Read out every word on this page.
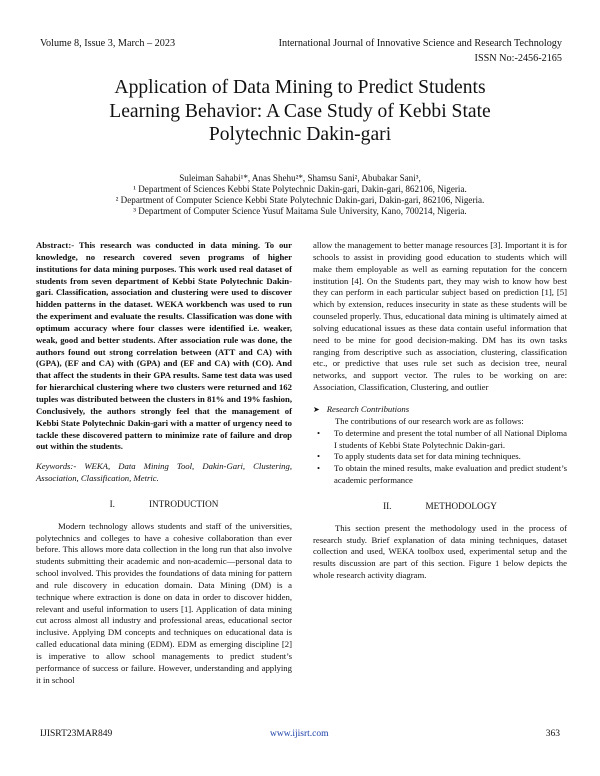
Volume 8, Issue 3, March – 2023	International Journal of Innovative Science and Research Technology
ISSN No:-2456-2165
Application of Data Mining to Predict Students
Learning Behavior: A Case Study of Kebbi State
Polytechnic Dakin-gari
Suleiman Sahabi¹*, Anas Shehu²*, Shamsu Sani², Abubakar Sani³,
¹ Department of Sciences Kebbi State Polytechnic Dakin-gari, Dakin-gari, 862106, Nigeria.
² Department of Computer Science Kebbi State Polytechnic Dakin-gari, Dakin-gari, 862106, Nigeria.
³ Department of Computer Science Yusuf Maitama Sule University, Kano, 700214, Nigeria.

Abstract:- This research was conducted in data mining. To our knowledge, no research covered seven programs of higher institutions for data mining purposes. This work used real dataset of students from seven department of Kebbi State Polytechnic Dakin-gari. Classification, association and clustering were used to discover hidden patterns in the dataset. WEKA workbench was used to run the experiment and evaluate the results. Classification was done with optimum accuracy where four classes were identified i.e. weaker, weak, good and better students. After association rule was done, the authors found out strong correlation between (ATT and CA) with (GPA), (EF and CA) with (GPA) and (EF and CA) with (CO). And that affect the students in their GPA results. Same test data was used for hierarchical clustering where two clusters were returned and 162 tuples was distributed between the clusters in 81% and 19% fashion, Conclusively, the authors strongly feel that the management of Kebbi State Polytechnic Dakin-gari with a matter of urgency need to tackle these discovered pattern to minimize rate of failure and drop out within the students.

Keywords:- WEKA, Data Mining Tool, Dakin-Gari, Clustering, Association, Classification, Metric.

I.	INTRODUCTION

Modern technology allows students and staff of the universities, polytechnics and colleges to have a cohesive collaboration than ever before. This allows more data collection in the long run that also involve students submitting their academic and non-academic—personal data to school involved. This provides the foundations of data mining for pattern and rule discovery in education domain. Data Mining (DM) is a technique where extraction is done on data in order to discover hidden, relevant and useful information to users [1]. Application of data mining cut across almost all industry and professional areas, educational sector inclusive. Applying DM concepts and techniques on educational data is called educational data mining (EDM). EDM as emerging discipline [2] is imperative to allow school managements to predict student’s performance of success or failure. However, understanding and applying it in school

allow the management to better manage resources [3]. Important it is for schools to assist in providing good education to students which will make them employable as well as earning reputation for the concern institution [4]. On the Students part, they may wish to know how best they can perform in each particular subject based on prediction [1], [5] which by extension, reduces insecurity in state as these students will be counseled properly. Thus, educational data mining is ultimately aimed at solving educational issues as these data contain useful information that need to be mine for good decision-making. DM has its own tasks ranging from descriptive such as association, clustering, classification etc., or predictive that uses rule set such as decision tree, neural networks, and support vector. The rules to be working on are: Association, Classification, Clustering, and outlier

➤ Research Contributions

The contributions of our research work are as follows:

•	To determine and present the total number of all National Diploma I students of Kebbi State Polytechnic Dakin-gari.
•	To apply students data set for data mining techniques.
•	To obtain the mined results, make evaluation and predict student’s academic performance
II.	METHODOLOGY

This section present the methodology used in the process of research study. Brief explanation of data mining techniques, dataset collection and used, WEKA toolbox used, experimental setup and the results discussion are part of this section. Figure 1 below depicts the whole research activity diagram.

IJISRT23MAR849	www.ijisrt.com	363
